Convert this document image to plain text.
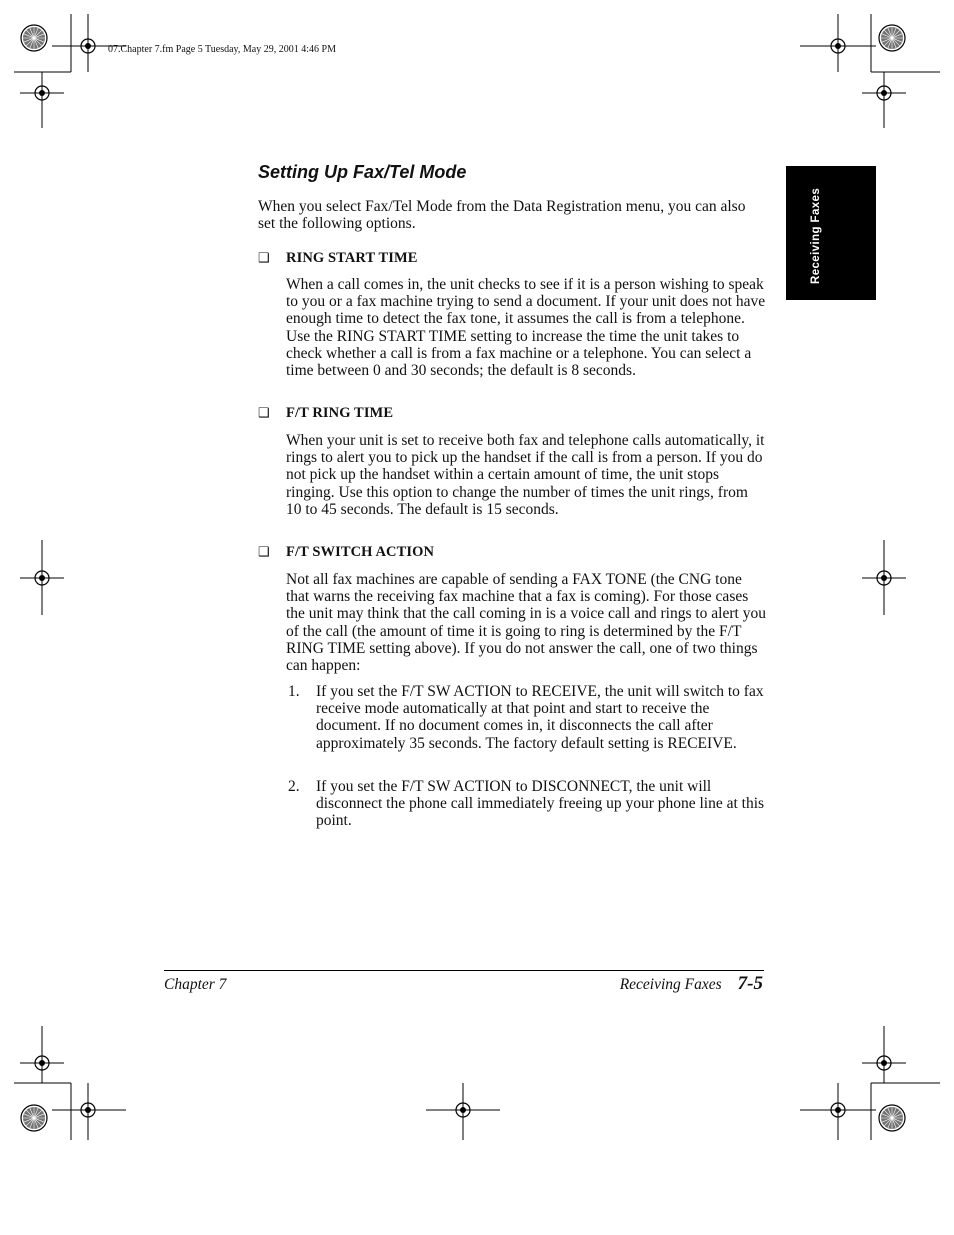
07.Chapter 7.fm Page 5 Tuesday, May 29, 2001 4:46 PM
Receiving Faxes
Setting Up Fax/Tel Mode

When you select Fax/Tel Mode from the Data Registration menu, you can also set the following options.

❑ RING START TIME

When a call comes in, the unit checks to see if it is a person wishing to speak to you or a fax machine trying to send a document. If your unit does not have enough time to detect the fax tone, it assumes the call is from a telephone. Use the RING START TIME setting to increase the time the unit takes to check whether a call is from a fax machine or a telephone. You can select a time between 0 and 30 seconds; the default is 8 seconds.

❑ F/T RING TIME

When your unit is set to receive both fax and telephone calls automatically, it rings to alert you to pick up the handset if the call is from a person. If you do not pick up the handset within a certain amount of time, the unit stops ringing. Use this option to change the number of times the unit rings, from 10 to 45 seconds. The default is 15 seconds.

❑ F/T SWITCH ACTION

Not all fax machines are capable of sending a FAX TONE (the CNG tone that warns the receiving fax machine that a fax is coming). For those cases the unit may think that the call coming in is a voice call and rings to alert you of the call (the amount of time it is going to ring is determined by the F/T RING TIME setting above). If you do not answer the call, one of two things can happen:

1. If you set the F/T SW ACTION to RECEIVE, the unit will switch to fax receive mode automatically at that point and start to receive the document. If no document comes in, it disconnects the call after approximately 35 seconds. The factory default setting is RECEIVE.

2. If you set the F/T SW ACTION to DISCONNECT, the unit will disconnect the phone call immediately freeing up your phone line at this point.

Chapter 7	Receiving Faxes 7-5
